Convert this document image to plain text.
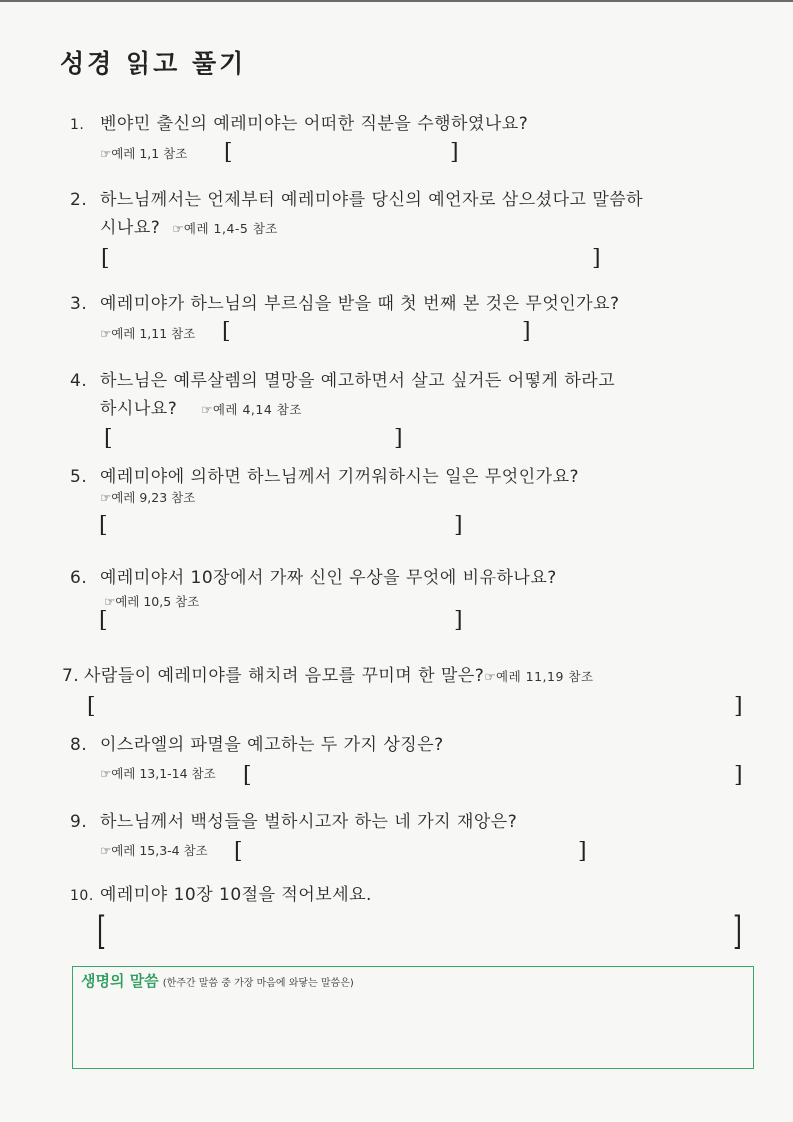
성경 읽고 풀기
1. 벤야민 출신의 예레미야는 어떠한 직분을 수행하였나요?
☞예레 1,1 참조 [	]
2. 하느님께서는 언제부터 예레미야를 당신의 예언자로 삼으셨다고 말씀하
시나요? ☞예레 1,4-5 참조
[	]
3. 예레미야가 하느님의 부르심을 받을 때 첫 번째 본 것은 무엇인가요?
☞예레 1,11 참조 [	]
4. 하느님은 예루살렘의 멸망을 예고하면서 살고 싶거든 어떻게 하라고
하시나요? ☞예레 4,14 참조
[	]
5. 예레미야에 의하면 하느님께서 기꺼워하시는 일은 무엇인가요?
☞예레 9,23 참조
[	]
6. 예레미야서 10장에서 가짜 신인 우상을 무엇에 비유하나요?
☞예레 10,5 참조
[	]
7. 사람들이 예레미야를 해치려 음모를 꾸미며 한 말은?☞예레 11,19 참조
[	]
8. 이스라엘의 파멸을 예고하는 두 가지 상징은?
☞예레 13,1-14 참조 [	]
9. 하느님께서 백성들을 벌하시고자 하는 네 가지 재앙은?
☞예레 15,3-4 참조 [	]
10. 예레미야 10장 10절을 적어보세요.
[	]
생명의 말씀 (한주간 말씀 중 가장 마음에 와닿는 말씀은)
